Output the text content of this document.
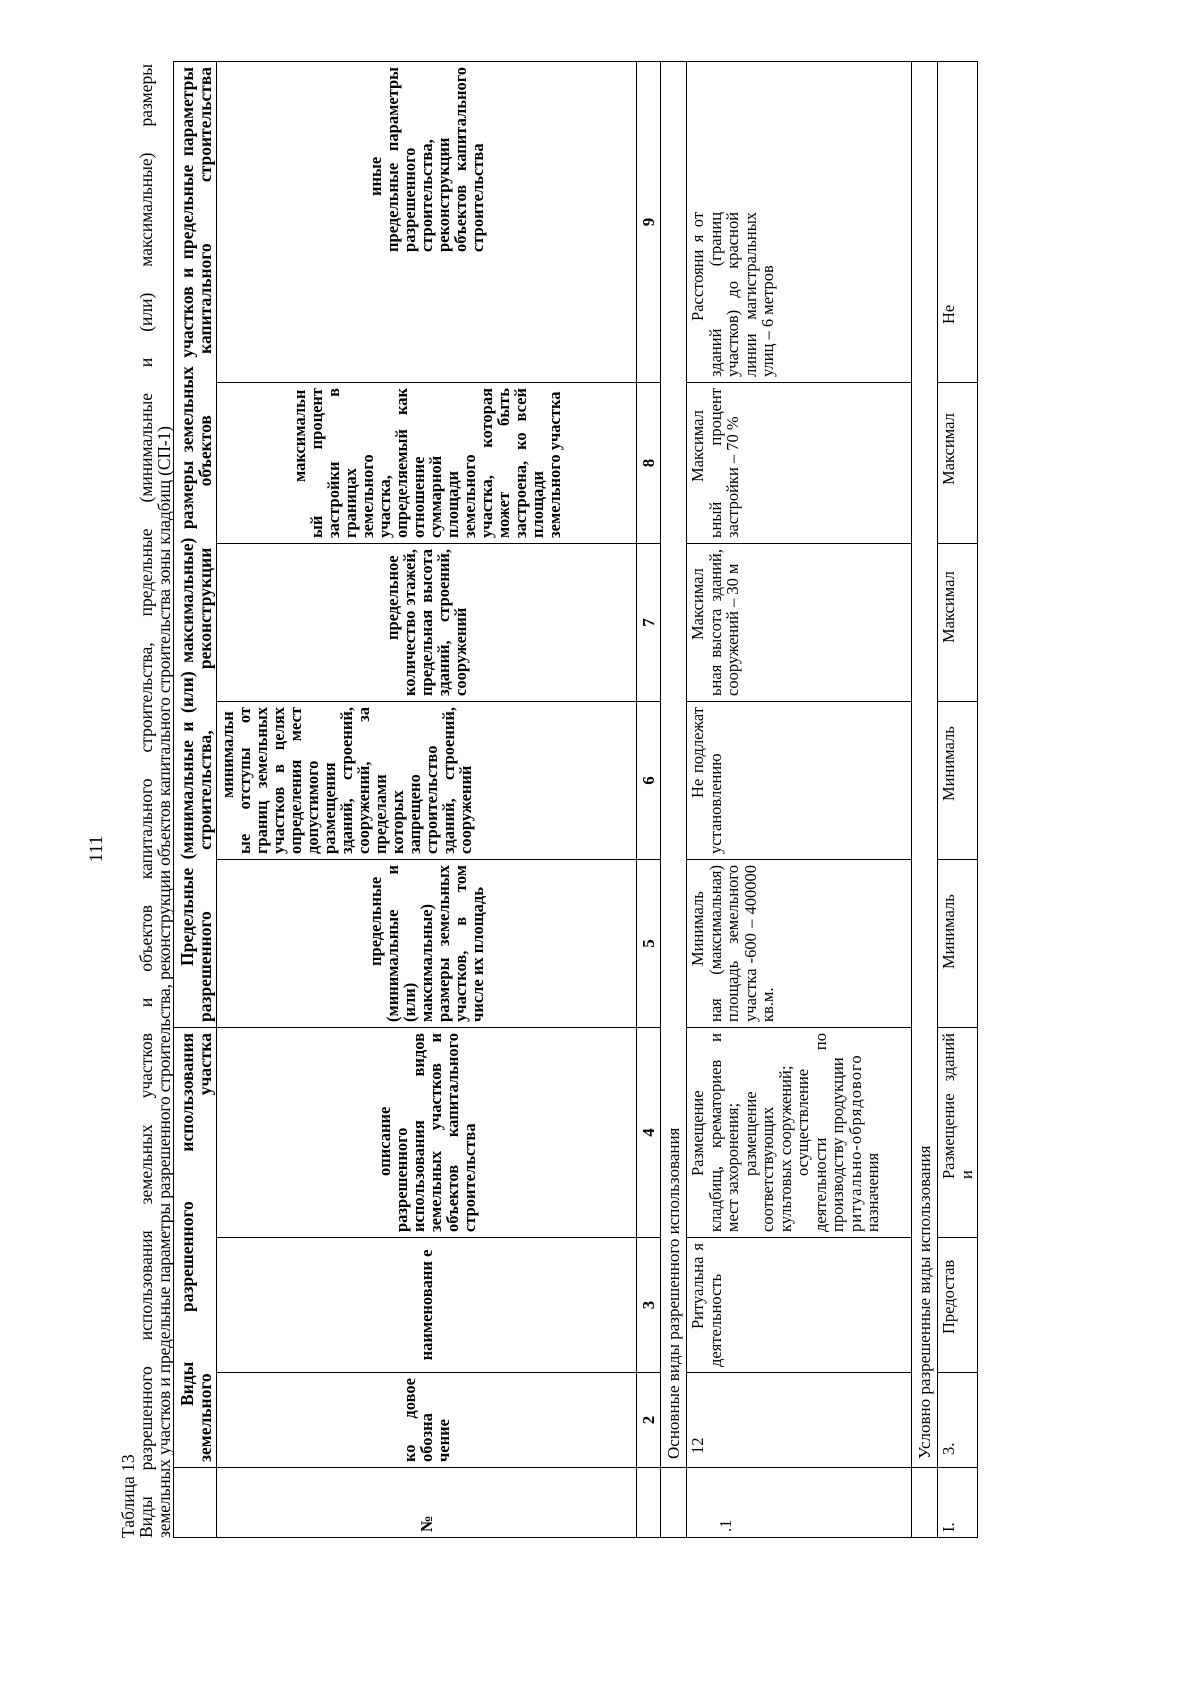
111
Таблица 13
Виды разрешенного использования земельных участков и объектов капитального строительства, предельные (минимальные и (или) максимальные) размеры
земельных участков и предельные параметры разрешенного строительства, реконструкции объектов капитального строительства зоны кладбищ (СП-1)
	Виды разрешенного использования земельного участка			Предельные (минимальные и (или) максимальные) размеры земельных участков и предельные параметры разрешенного строительства, реконструкции объектов капитального строительства				
№	ко довое обозна чение	наименовани е	описание разрешенного использования видов земельных участков и объектов капитального строительства	предельные (минимальные и (или) максимальные) размеры земельных участков, в том числе их площадь	минимальн ые отступы от границ земельных участков в целях определения мест допустимого размещения зданий, строений, сооружений, за пределами которых запрещено строительство зданий, строений, сооружений	предельное количество этажей, предельная высота зданий, строений, сооружений	максимальн ый процент застройки в границах земельного участка, определяемый как отношение суммарной площади земельного участка, которая может быть застроена, ко всей площади земельного участка	иные предельные параметры разрешенного строительства, реконструкции объектов капитального строительства
	2	3	4	5	6	7	8	9
	Основные виды разрешенного использования							
.1	12	Ритуальна я деятельность	Размещение кладбищ, крематориев и мест захоронения;
размещение соответствующих культовых сооружений;
осуществление деятельности по производству продукции
ритуально-обрядового
назначения	Минималь ная (максимальная) площадь земельного участка -600 – 400000 кв.м.	Не подлежат установлению	Максимал ьная высота зданий, сооружений – 30 м	Максимал ьный процент застройки – 70 %	Расстояни я от зданий (границ участков) до красной линии магистральных улиц – 6 метров

	Условно разрешенные виды использования							
I.	3.	Предостав	Размещение зданий и	Минималь	Минималь	Максимал	Максимал	Не
